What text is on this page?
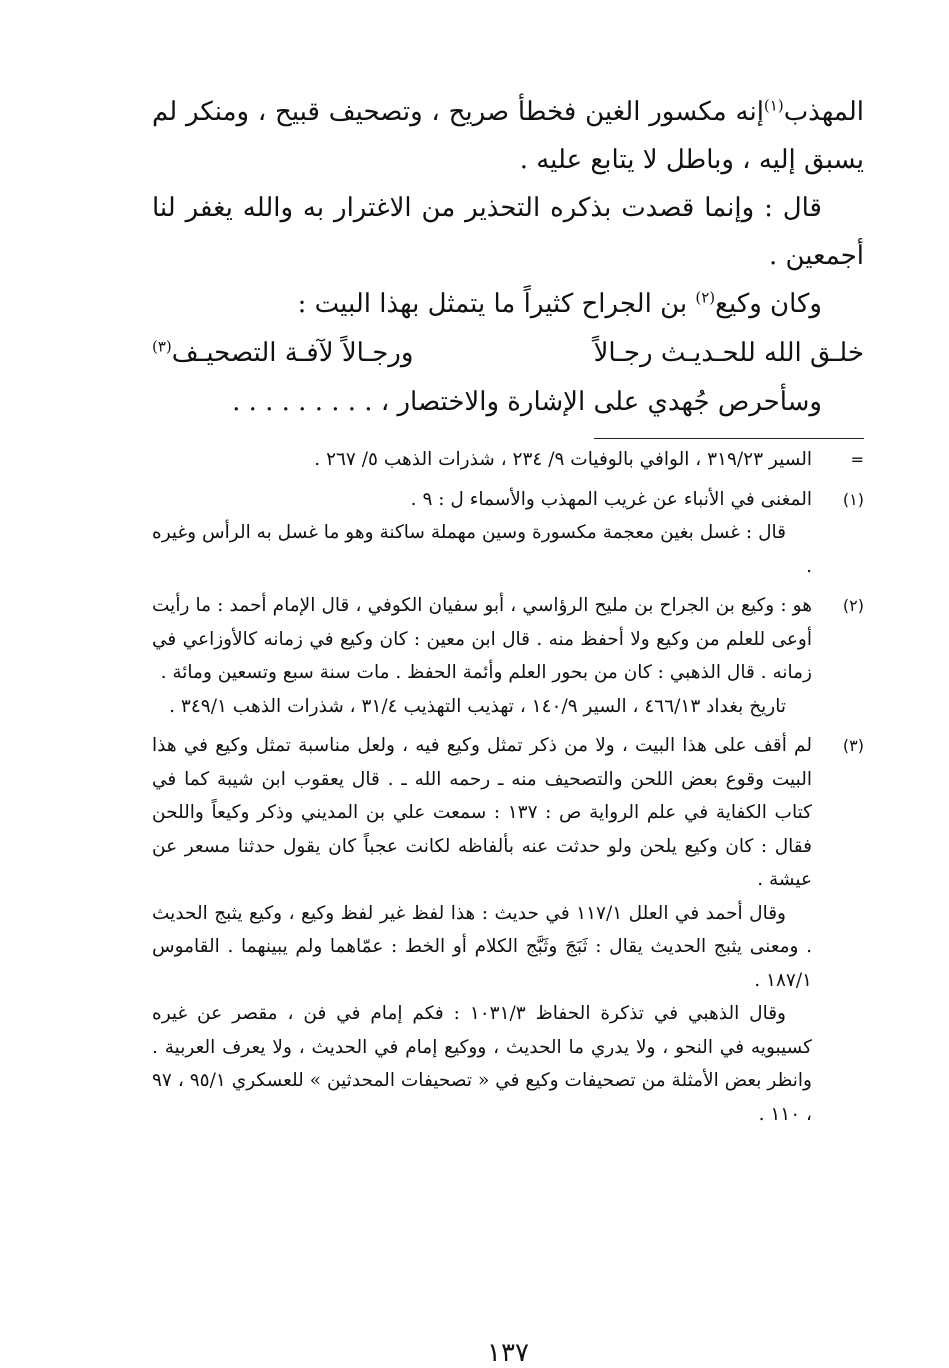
المهذب$^{(١)}$إنه مكسور الغين فخطأ صريح ، وتصحيف قبيح ، ومنكر لم يسبق إليه ، وباطل لا يتابع عليه .

قال : وإنما قصدت بذكره التحذير من الاغترار به والله يغفر لنا أجمعين .

وكان وكيع$^{(٢)}$ بن الجراح كثيراً ما يتمثل بهذا البيت :

خلـق الله للحـديـث رجـالاً
ورجـالاً لآفـة التصحيـف$^{(٣)}$

وسأحرص جُهدي على الإشارة والاختصار ، . . . . . . . . .

=

السير ٣١٩/٢٣ ، الوافي بالوفيات ٩/ ٢٣٤ ، شذرات الذهب ٥/ ٢٦٧ .

(١)

المغنى في الأنباء عن غريب المهذب والأسماء ل : ٩ .

قال : غسل بغين معجمة مكسورة وسين مهملة ساكنة وهو ما غسل به الرأس وغيره .

(٢)

هو : وكيع بن الجراح بن مليح الرؤاسي ، أبو سفيان الكوفي ، قال الإمام أحمد : ما رأيت أوعى للعلم من وكيع ولا أحفظ منه . قال ابن معين : كان وكيع في زمانه كالأوزاعي في زمانه . قال الذهبي : كان من بحور العلم وأئمة الحفظ . مات سنة سبع وتسعين ومائة .

تاريخ بغداد ٤٦٦/١٣ ، السير ١٤٠/٩ ، تهذيب التهذيب ٣١/٤ ، شذرات الذهب ٣٤٩/١ .

(٣)

لم أقف على هذا البيت ، ولا من ذكر تمثل وكيع فيه ، ولعل مناسبة تمثل وكيع في هذا البيت وقوع بعض اللحن والتصحيف منه ـ رحمه الله ـ . قال يعقوب ابن شيبة كما في كتاب الكفاية في علم الرواية ص : ١٣٧ : سمعت علي بن المديني وذكر وكيعاً واللحن فقال : كان وكيع يلحن ولو حدثت عنه بألفاظه لكانت عجباً كان يقول حدثنا مسعر عن عيشة .

وقال أحمد في العلل ١١٧/١ في حديث : هذا لفظ غير لفظ وكيع ، وكيع يثبج الحديث . ومعنى يثبج الحديث يقال : ثَبَجَ وثَبَّج الكلام أو الخط : عمّاهما ولم يبينهما . القاموس ١٨٧/١ .

وقال الذهبي في تذكرة الحفاظ ١٠٣١/٣ : فكم إمام في فن ، مقصر عن غيره كسيبويه في النحو ، ولا يدري ما الحديث ، ووكيع إمام في الحديث ، ولا يعرف العربية . وانظر بعض الأمثلة من تصحيفات وكيع في « تصحيفات المحدثين » للعسكري ٩٥/١ ، ٩٧ ، ١١٠ .

١٣٧
